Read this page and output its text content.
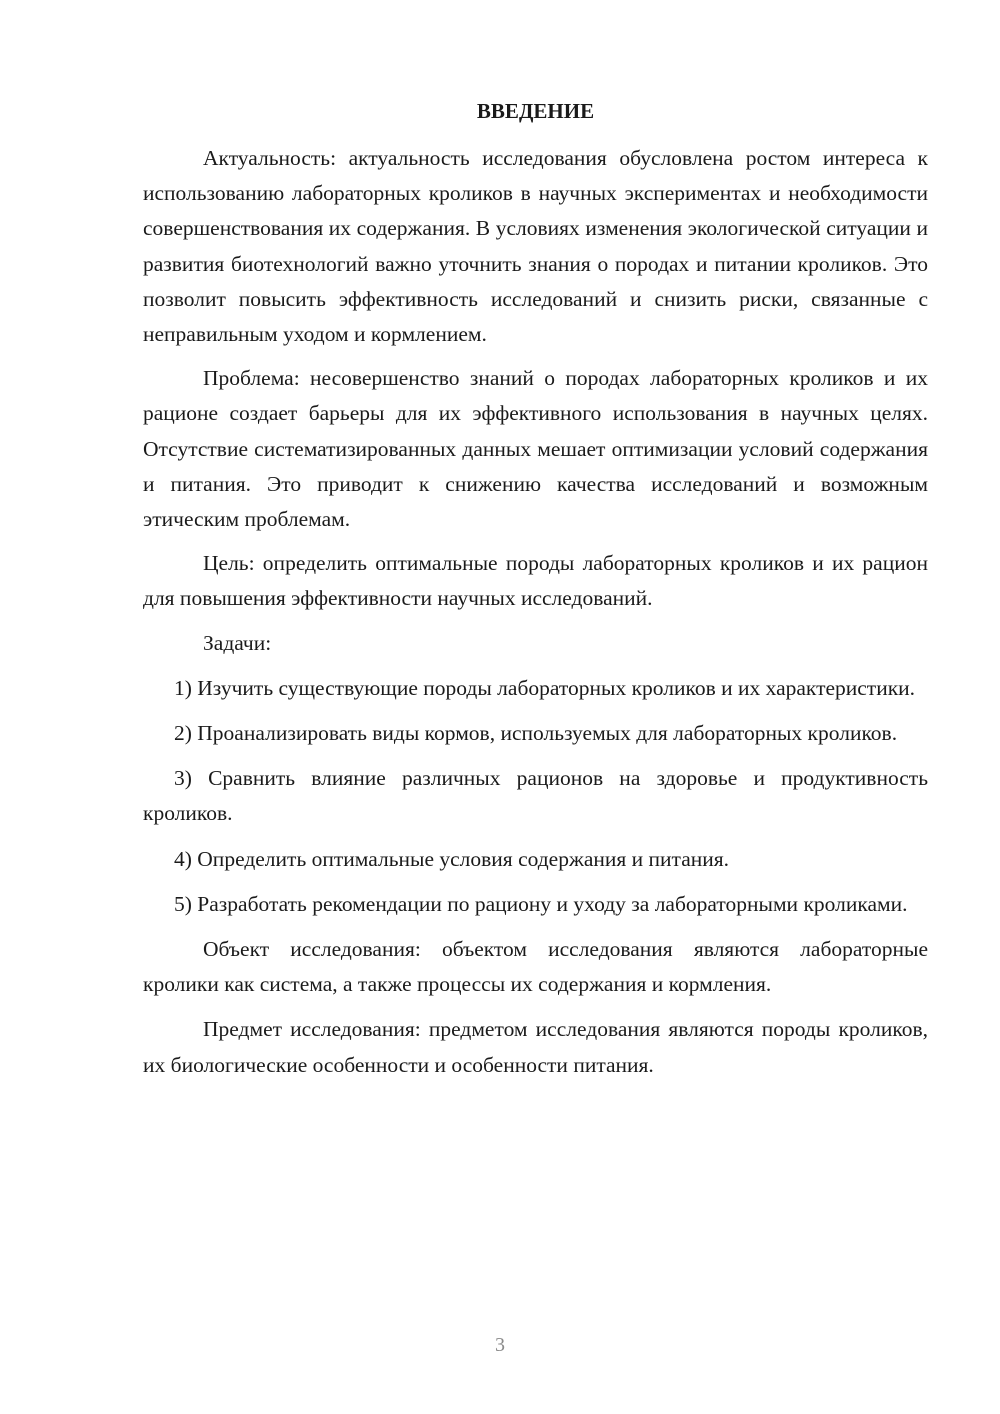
ВВЕДЕНИЕ

Актуальность: актуальность исследования обусловлена ростом интереса к использованию лабораторных кроликов в научных экспериментах и необходимости совершенствования их содержания. В условиях изменения экологической ситуации и развития биотехнологий важно уточнить знания о породах и питании кроликов. Это позволит повысить эффективность исследований и снизить риски, связанные с неправильным уходом и кормлением.

Проблема: несовершенство знаний о породах лабораторных кроликов и их рационе создает барьеры для их эффективного использования в научных целях. Отсутствие систематизированных данных мешает оптимизации условий содержания и питания. Это приводит к снижению качества исследований и возможным этическим проблемам.

Цель: определить оптимальные породы лабораторных кроликов и их рацион для повышения эффективности научных исследований.

Задачи:

1) Изучить существующие породы лабораторных кроликов и их характеристики.

2) Проанализировать виды кормов, используемых для лабораторных кроликов.

3) Сравнить влияние различных рационов на здоровье и продуктивность кроликов.

4) Определить оптимальные условия содержания и питания.

5) Разработать рекомендации по рациону и уходу за лабораторными кроликами.

Объект исследования: объектом исследования являются лабораторные кролики как система, а также процессы их содержания и кормления.

Предмет исследования: предметом исследования являются породы кроликов, их биологические особенности и особенности питания.

3
